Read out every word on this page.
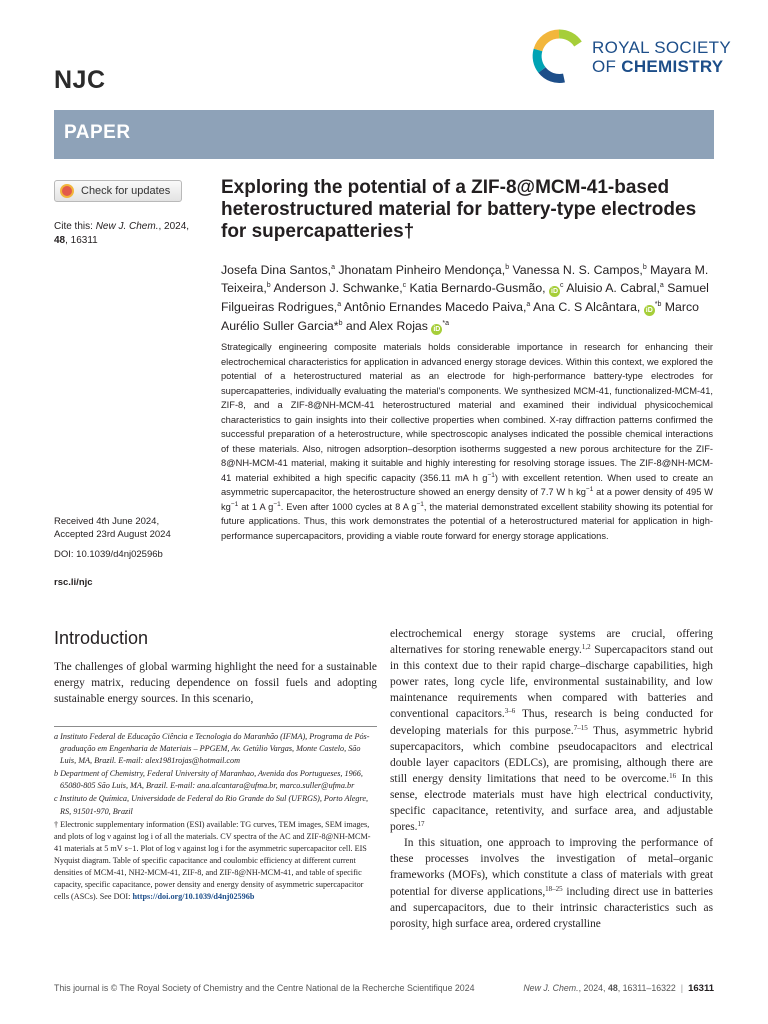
NJC
ROYAL SOCIETY
OF CHEMISTRY
PAPER
Check for updates
Cite this: New J. Chem., 2024,
48, 16311
Exploring the potential of a ZIF-8@MCM-41-based heterostructured material for battery-type electrodes for supercapatteries†
Josefa Dina Santos,$^a$ Jhonatam Pinheiro Mendonça,$^b$ Vanessa N. S. Campos,$^b$ Mayara M. Teixeira,$^b$ Anderson J. Schwanke,$^c$ Katia Bernardo-Gusmão, $iD^c$ Aluisio A. Cabral,$^a$ Samuel Filgueiras Rodrigues,$^a$ Antônio Ernandes Macedo Paiva,$^a$ Ana C. S Alcântara, $iD^{*b}$ Marco Aurélio Suller Garcia*$^b$ and Alex Rojas $iD^{*a}$
Strategically engineering composite materials holds considerable importance in research for enhancing their electrochemical characteristics for application in advanced energy storage devices. Within this context, we explored the potential of a heterostructured material as an electrode for high-performance battery-type electrodes for supercapatteries, individually evaluating the material's components. We synthesized MCM-41, functionalized-MCM-41, ZIF-8, and a ZIF-8@NH-MCM-41 heterostructured material and examined their individual physicochemical characteristics to gain insights into their collective properties when combined. X-ray diffraction patterns confirmed the successful preparation of a heterostructure, while spectroscopic analyses indicated the possible chemical interactions of these materials. Also, nitrogen adsorption–desorption isotherms suggested a new porous architecture for the ZIF-8@NH-MCM-41 material, making it suitable and highly interesting for resolving storage issues. The ZIF-8@NH-MCM-41 material exhibited a high specific capacity (356.11 mA h $g^{-1}$) with excellent retention. When used to create an asymmetric supercapacitor, the heterostructure showed an energy density of 7.7 W h $kg^{-1}$ at a power density of 495 W $kg^{-1}$ at 1 A $g^{-1}$. Even after 1000 cycles at 8 A $g^{-1}$, the material demonstrated excellent stability showing its potential for future applications. Thus, this work demonstrates the potential of a heterostructured material for application in high-performance supercapacitors, providing a viable route forward for energy storage applications.
Received 4th June 2024,
Accepted 23rd August 2024
DOI: 10.1039/d4nj02596b
rsc.li/njc
Introduction
The challenges of global warming highlight the need for a sustainable energy matrix, reducing dependence on fossil fuels and adopting sustainable energy sources. In this scenario,
a Instituto Federal de Educação Ciência e Tecnologia do Maranhão (IFMA), Programa de Pós-graduação em Engenharia de Materiais – PPGEM, Av. Getúlio Vargas, Monte Castelo, São Luis, MA, Brazil. E-mail: alex1981rojas@hotmail.com
b Department of Chemistry, Federal University of Maranhao, Avenida dos Portugueses, 1966, 65080-805 São Luis, MA, Brazil. E-mail: ana.alcantara@ufma.br, marco.suller@ufma.br
c Instituto de Química, Universidade de Federal do Rio Grande do Sul (UFRGS), Porto Alegre, RS, 91501-970, Brazil
† Electronic supplementary information (ESI) available: TG curves, TEM images, SEM images, and plots of log ν against log i of all the materials. CV spectra of the AC and ZIF-8@NH-MCM-41 materials at 5 mV s−1. Plot of log ν against log i for the asymmetric supercapacitor cell. EIS Nyquist diagram. Table of specific capacitance and coulombic efficiency at different current densities of MCM-41, NH2-MCM-41, ZIF-8, and ZIF-8@NH-MCM-41, and table of specific capacity, specific capacitance, power density and energy density of asymmetric supercapacitor cells (ASCs). See DOI: https://doi.org/10.1039/d4nj02596b

electrochemical energy storage systems are crucial, offering alternatives for storing renewable energy.$^{1,2}$ Supercapacitors stand out in this context due to their rapid charge–discharge capabilities, high power rates, long cycle life, environmental sustainability, and low maintenance requirements when compared with batteries and conventional capacitors.$^{3-6}$ Thus, research is being conducted for developing materials for this purpose.$^{7-15}$ Thus, asymmetric hybrid supercapacitors, which combine pseudocapacitors and electrical double layer capacitors (EDLCs), are promising, although there are still energy density limitations that need to be overcome.$^{16}$ In this sense, electrode materials must have high electrical conductivity, specific capacitance, retentivity, and surface area, and adjustable pores.$^{17}$

In this situation, one approach to improving the performance of these processes involves the investigation of metal–organic frameworks (MOFs), which constitute a class of materials with great potential for diverse applications,$^{18-25}$ including direct use in batteries and supercapacitors, due to their intrinsic characteristics such as porosity, high surface area, ordered crystalline

This journal is © The Royal Society of Chemistry and the Centre National de la Recherche Scientifique 2024	New J. Chem., 2024, 48, 16311–16322 | 16311
